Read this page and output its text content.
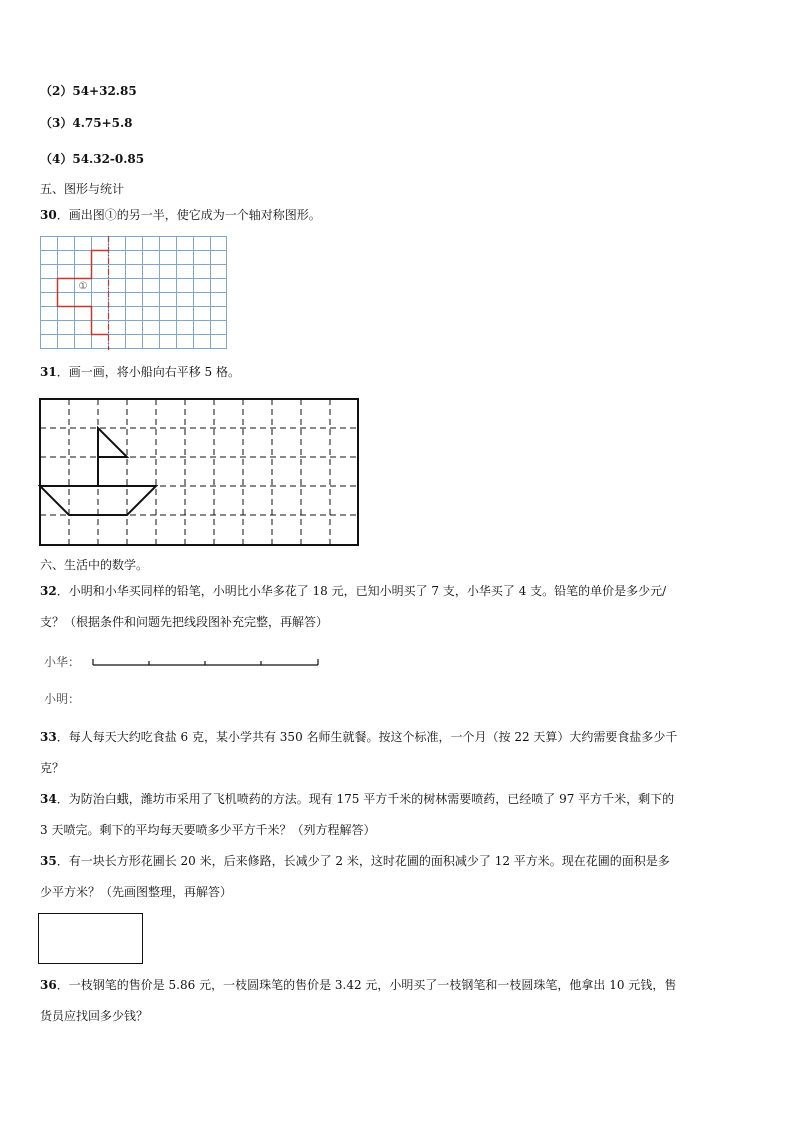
（2）54+32.85
（3）4.75+5.8
（4）54.32-0.85
五、图形与统计
30．画出图①的另一半，使它成为一个轴对称图形。
①
31．画一画，将小船向右平移 5 格。
六、生活中的数学。
32．小明和小华买同样的铅笔，小明比小华多花了 18 元，已知小明买了 7 支，小华买了 4 支。铅笔的单价是多少元/
支？（根据条件和问题先把线段图补充完整，再解答）
小华：
小明：
33．每人每天大约吃食盐 6 克，某小学共有 350 名师生就餐。按这个标准，一个月（按 22 天算）大约需要食盐多少千
克？
34．为防治白蛾，潍坊市采用了飞机喷药的方法。现有 175 平方千米的树林需要喷药，已经喷了 97 平方千米，剩下的
3 天喷完。剩下的平均每天要喷多少平方千米？（列方程解答）
35．有一块长方形花圃长 20 米，后来修路，长减少了 2 米，这时花圃的面积减少了 12 平方米。现在花圃的面积是多
少平方米？（先画图整理，再解答）
36．一枝钢笔的售价是 5.86 元，一枝圆珠笔的售价是 3.42 元，小明买了一枝钢笔和一枝圆珠笔，他拿出 10 元钱，售
货员应找回多少钱？
